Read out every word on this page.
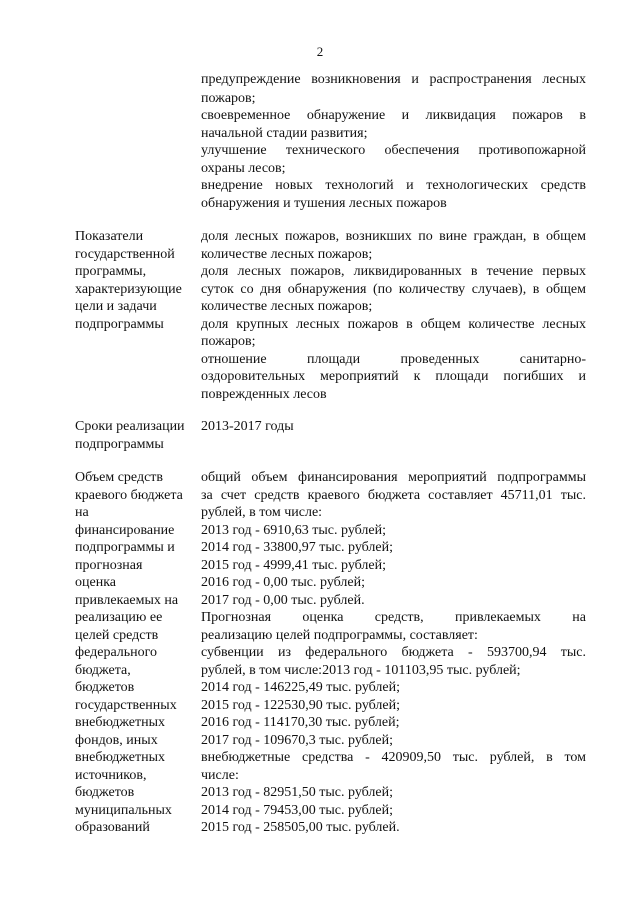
2
предупреждение возникновения и распространения лесных
пожаров;
своевременное обнаружение и ликвидация пожаров в
начальной стадии развития;
улучшение технического обеспечения противопожарной
охраны лесов;
внедрение новых технологий и технологических средств
обнаружения и тушения лесных пожаров
Показатели
государственной
программы,
характеризующие
цели и задачи
подпрограммы
доля лесных пожаров, возникших по вине граждан, в общем
количестве лесных пожаров;
доля лесных пожаров, ликвидированных в течение первых
суток со дня обнаружения (по количеству случаев), в общем
количестве лесных пожаров;
доля крупных лесных пожаров в общем количестве лесных
пожаров;
отношение площади проведенных санитарно-
оздоровительных мероприятий к площади погибших и
поврежденных лесов
Сроки реализации
подпрограммы
2013-2017 годы
Объем средств
краевого бюджета
на
финансирование
подпрограммы и
прогнозная
оценка
привлекаемых на
реализацию ее
целей средств
федерального
бюджета,
бюджетов
государственных
внебюджетных
фондов, иных
внебюджетных
источников,
бюджетов
муниципальных
образований
общий объем финансирования мероприятий подпрограммы
за счет средств краевого бюджета составляет 45711,01 тыс.
рублей, в том числе:
2013 год - 6910,63 тыс. рублей;
2014 год - 33800,97 тыс. рублей;
2015 год - 4999,41 тыс. рублей;
2016 год - 0,00 тыс. рублей;
2017 год - 0,00 тыс. рублей.
Прогнозная оценка средств, привлекаемых на
реализацию целей подпрограммы, составляет:
субвенции из федерального бюджета - 593700,94 тыс.
рублей, в том числе:2013 год - 101103,95 тыс. рублей;
2014 год - 146225,49 тыс. рублей;
2015 год - 122530,90 тыс. рублей;
2016 год - 114170,30 тыс. рублей;
2017 год - 109670,3 тыс. рублей;
внебюджетные средства - 420909,50 тыс. рублей, в том
числе:
2013 год - 82951,50 тыс. рублей;
2014 год - 79453,00 тыс. рублей;
2015 год - 258505,00 тыс. рублей.
